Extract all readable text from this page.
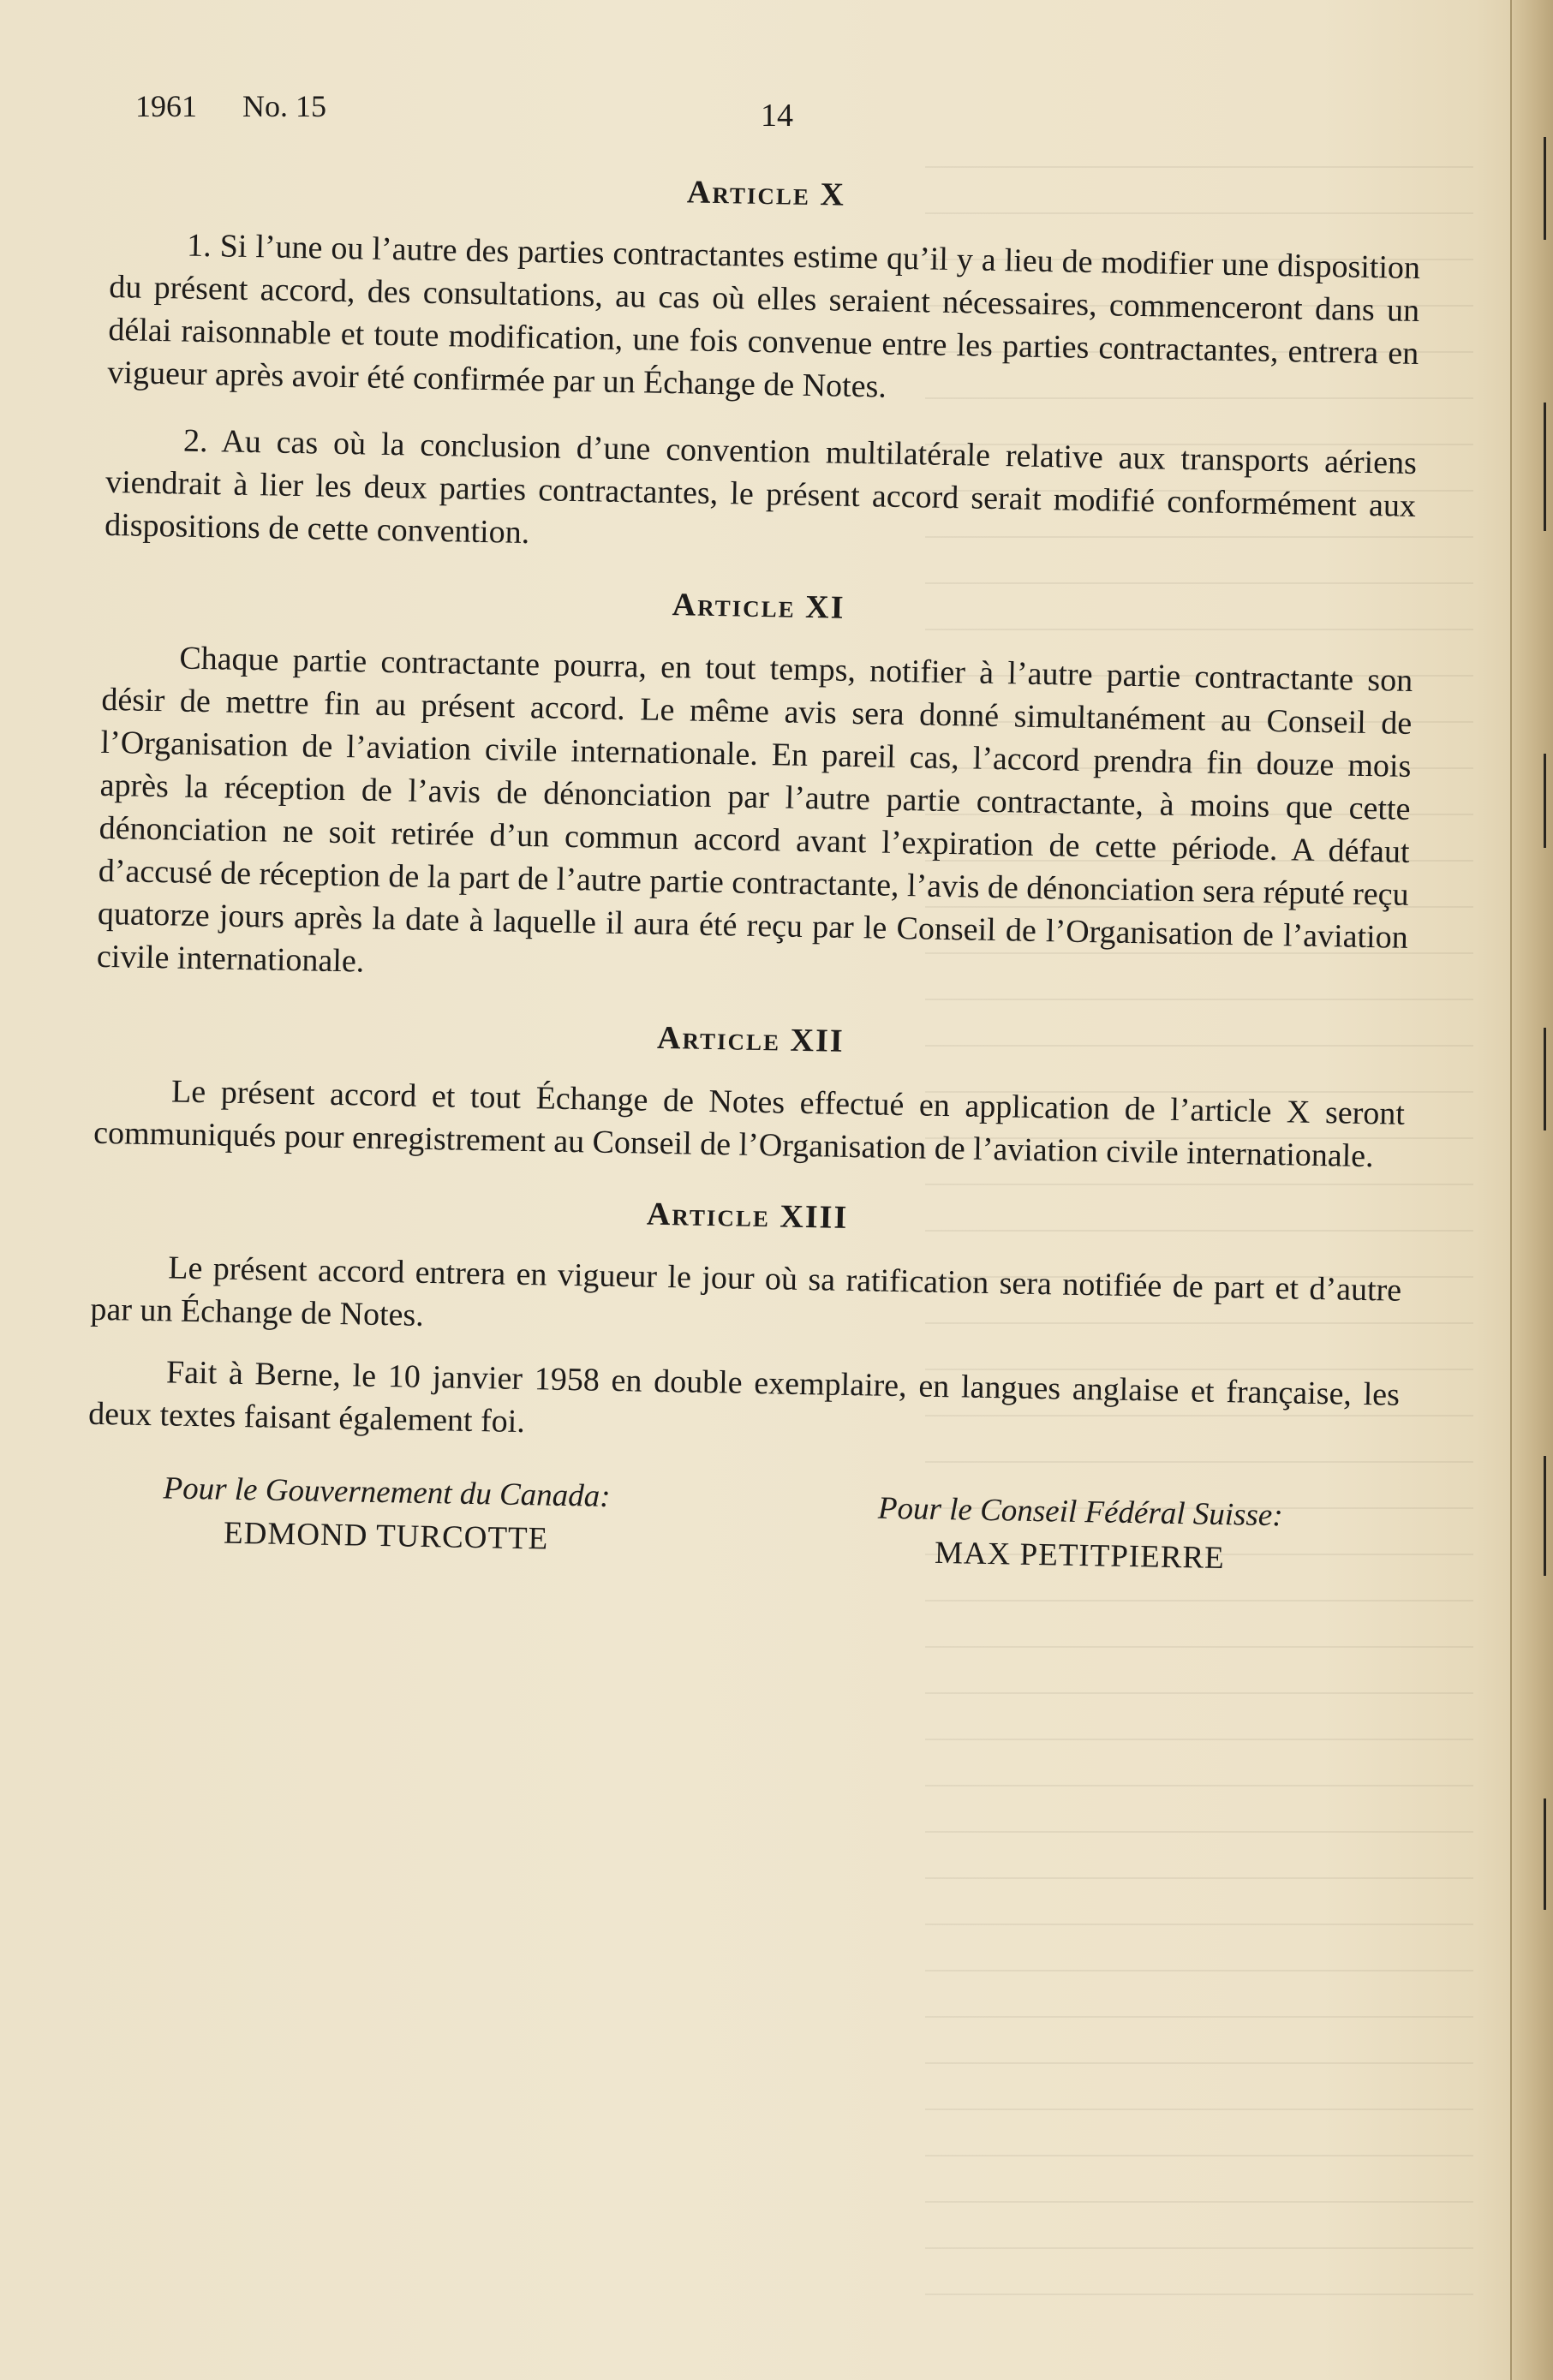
1961 No. 15	14
Article X

1. Si l’une ou l’autre des parties contractantes estime qu’il y a lieu de modifier une disposition du présent accord, des consultations, au cas où elles seraient nécessaires, commenceront dans un délai raisonnable et toute modification, une fois convenue entre les parties contractantes, entrera en vigueur après avoir été confirmée par un Échange de Notes.

2. Au cas où la conclusion d’une convention multilatérale relative aux transports aériens viendrait à lier les deux parties contractantes, le présent accord serait modifié conformément aux dispositions de cette convention.

Article XI

Chaque partie contractante pourra, en tout temps, notifier à l’autre partie contractante son désir de mettre fin au présent accord. Le même avis sera donné simultanément au Conseil de l’Organisation de l’aviation civile internationale. En pareil cas, l’accord prendra fin douze mois après la réception de l’avis de dénonciation par l’autre partie contractante, à moins que cette dénonciation ne soit retirée d’un commun accord avant l’expiration de cette période. A défaut d’accusé de réception de la part de l’autre partie contractante, l’avis de dénonciation sera réputé reçu quatorze jours après la date à laquelle il aura été reçu par le Conseil de l’Organisation de l’aviation civile internationale.

Article XII

Le présent accord et tout Échange de Notes effectué en application de l’article X seront communiqués pour enregistrement au Conseil de l’Organisation de l’aviation civile internationale.

Article XIII

Le présent accord entrera en vigueur le jour où sa ratification sera notifiée de part et d’autre par un Échange de Notes.

Fait à Berne, le 10 janvier 1958 en double exemplaire, en langues anglaise et française, les deux textes faisant également foi.

Pour le Gouvernement du Canada:
EDMOND TURCOTTE
Pour le Conseil Fédéral Suisse:
MAX PETITPIERRE
